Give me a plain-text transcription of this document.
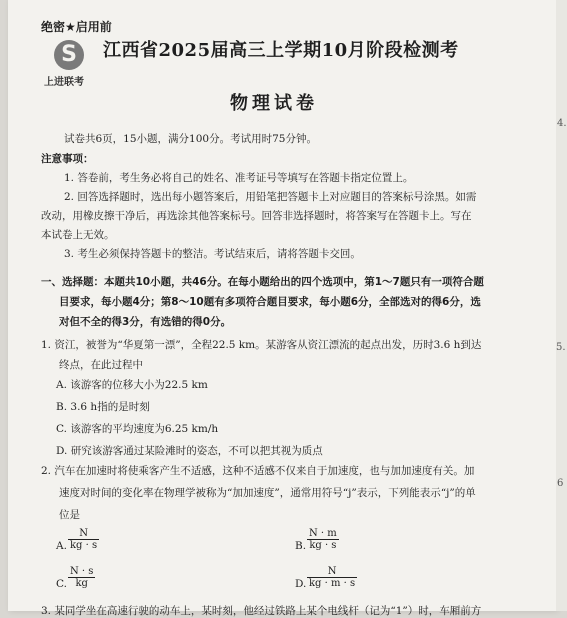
4.
5.
6
绝密★启用前
S
上进联考
江西省2025届高三上学期10月阶段检测考
物理试卷
试卷共6页，15小题，满分100分。考试用时75分钟。
注意事项：
1. 答卷前，考生务必将自己的姓名、准考证号等填写在答题卡指定位置上。
2. 回答选择题时，选出每小题答案后，用铅笔把答题卡上对应题目的答案标号涂黑。如需
改动，用橡皮擦干净后，再选涂其他答案标号。回答非选择题时，将答案写在答题卡上。写在
本试卷上无效。
3. 考生必须保持答题卡的整洁。考试结束后，请将答题卡交回。
一、选择题：本题共10小题，共46分。在每小题给出的四个选项中，第1～7题只有一项符合题
目要求，每小题4分；第8～10题有多项符合题目要求，每小题6分，全部选对的得6分，选
对但不全的得3分，有选错的得0分。
1. 资江，被誉为“华夏第一漂”，全程22.5 km。某游客从资江漂流的起点出发，历时3.6 h到达
终点，在此过程中
A. 该游客的位移大小为22.5 km
B. 3.6 h指的是时刻
C. 该游客的平均速度为6.25 km/h
D. 研究该游客通过某险滩时的姿态，不可以把其视为质点
2. 汽车在加速时将使乘客产生不适感，这种不适感不仅来自于加速度，也与加加速度有关。加
速度对时间的变化率在物理学被称为“加加速度”，通常用符号“j”表示，下列能表示“j”的单
位是
A.
N
kg · s	B.
N · m
kg · s
C.
N · s
kg	D.
N
kg · m · s
3. 某同学坐在高速行驶的动车上，某时刻，他经过铁路上某个电线杆（记为“1”）时，车厢前方
